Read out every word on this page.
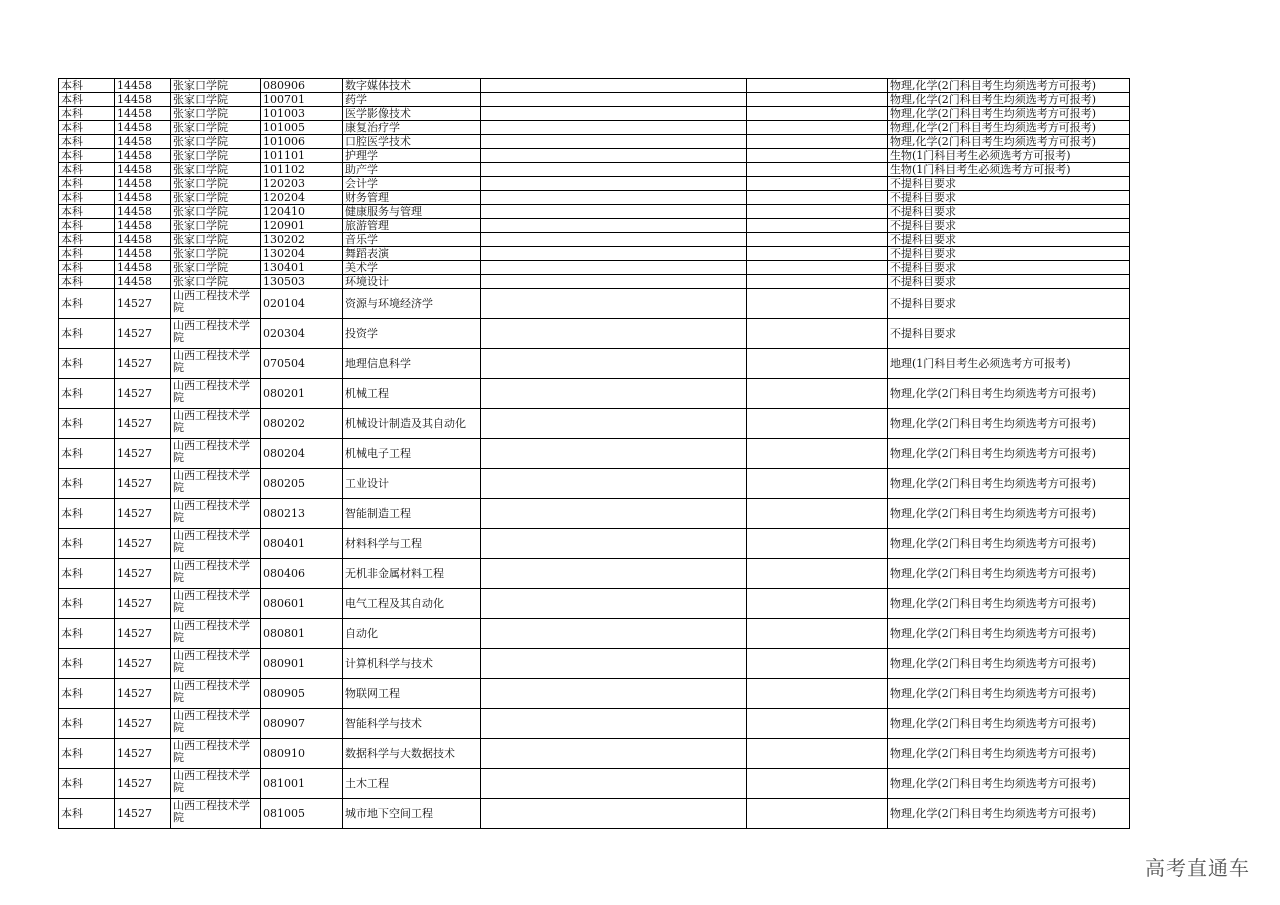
本科	14458	张家口学院	080906	数字媒体技术			物理,化学(2门科目考生均须选考方可报考)
本科	14458	张家口学院	100701	药学			物理,化学(2门科目考生均须选考方可报考)
本科	14458	张家口学院	101003	医学影像技术			物理,化学(2门科目考生均须选考方可报考)
本科	14458	张家口学院	101005	康复治疗学			物理,化学(2门科目考生均须选考方可报考)
本科	14458	张家口学院	101006	口腔医学技术			物理,化学(2门科目考生均须选考方可报考)
本科	14458	张家口学院	101101	护理学			生物(1门科目考生必须选考方可报考)
本科	14458	张家口学院	101102	助产学			生物(1门科目考生必须选考方可报考)
本科	14458	张家口学院	120203	会计学			不提科目要求
本科	14458	张家口学院	120204	财务管理			不提科目要求
本科	14458	张家口学院	120410	健康服务与管理			不提科目要求
本科	14458	张家口学院	120901	旅游管理			不提科目要求
本科	14458	张家口学院	130202	音乐学			不提科目要求
本科	14458	张家口学院	130204	舞蹈表演			不提科目要求
本科	14458	张家口学院	130401	美术学			不提科目要求
本科	14458	张家口学院	130503	环境设计			不提科目要求
本科	14527	山西工程技术学院	020104	资源与环境经济学			不提科目要求
本科	14527	山西工程技术学院	020304	投资学			不提科目要求
本科	14527	山西工程技术学院	070504	地理信息科学			地理(1门科目考生必须选考方可报考)
本科	14527	山西工程技术学院	080201	机械工程			物理,化学(2门科目考生均须选考方可报考)
本科	14527	山西工程技术学院	080202	机械设计制造及其自动化			物理,化学(2门科目考生均须选考方可报考)
本科	14527	山西工程技术学院	080204	机械电子工程			物理,化学(2门科目考生均须选考方可报考)
本科	14527	山西工程技术学院	080205	工业设计			物理,化学(2门科目考生均须选考方可报考)
本科	14527	山西工程技术学院	080213	智能制造工程			物理,化学(2门科目考生均须选考方可报考)
本科	14527	山西工程技术学院	080401	材料科学与工程			物理,化学(2门科目考生均须选考方可报考)
本科	14527	山西工程技术学院	080406	无机非金属材料工程			物理,化学(2门科目考生均须选考方可报考)
本科	14527	山西工程技术学院	080601	电气工程及其自动化			物理,化学(2门科目考生均须选考方可报考)
本科	14527	山西工程技术学院	080801	自动化			物理,化学(2门科目考生均须选考方可报考)
本科	14527	山西工程技术学院	080901	计算机科学与技术			物理,化学(2门科目考生均须选考方可报考)
本科	14527	山西工程技术学院	080905	物联网工程			物理,化学(2门科目考生均须选考方可报考)
本科	14527	山西工程技术学院	080907	智能科学与技术			物理,化学(2门科目考生均须选考方可报考)
本科	14527	山西工程技术学院	080910	数据科学与大数据技术			物理,化学(2门科目考生均须选考方可报考)
本科	14527	山西工程技术学院	081001	土木工程			物理,化学(2门科目考生均须选考方可报考)
本科	14527	山西工程技术学院	081005	城市地下空间工程			物理,化学(2门科目考生均须选考方可报考)
高考直通车
